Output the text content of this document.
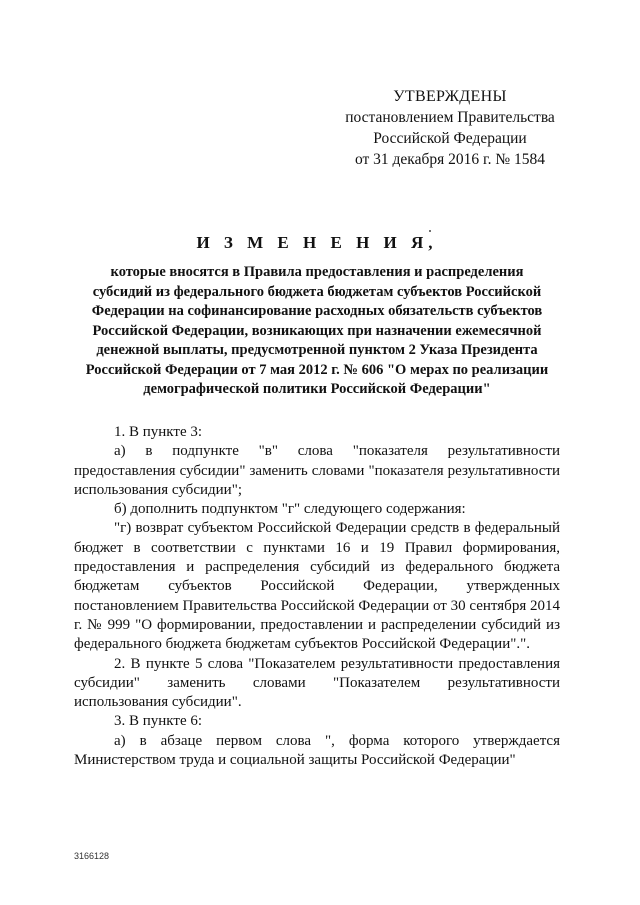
УТВЕРЖДЕНЫ
постановлением Правительства
Российской Федерации
от 31 декабря 2016 г. № 1584
И З М Е Н Е Н И Я,
которые вносятся в Правила предоставления и распределения
субсидий из федерального бюджета бюджетам субъектов Российской
Федерации на софинансирование расходных обязательств субъектов
Российской Федерации, возникающих при назначении ежемесячной
денежной выплаты, предусмотренной пунктом 2 Указа Президента
Российской Федерации от 7 мая 2012 г. № 606 "О мерах по реализации
демографической политики Российской Федерации"

1. В пункте 3:

а) в подпункте "в" слова "показателя результативности предоставления субсидии" заменить словами "показателя результативности использования субсидии";

б) дополнить подпунктом "г" следующего содержания:

"г) возврат субъектом Российской Федерации средств в федеральный бюджет в соответствии с пунктами 16 и 19 Правил формирования, предоставления и распределения субсидий из федерального бюджета бюджетам субъектов Российской Федерации, утвержденных постановлением Правительства Российской Федерации от 30 сентября 2014 г. № 999 "О формировании, предоставлении и распределении субсидий из федерального бюджета бюджетам субъектов Российской Федерации".".

2. В пункте 5 слова "Показателем результативности предоставления субсидии" заменить словами "Показателем результативности использования субсидии".

3. В пункте 6:

а) в абзаце первом слова ", форма которого утверждается Министерством труда и социальной защиты Российской Федерации"

3166128
